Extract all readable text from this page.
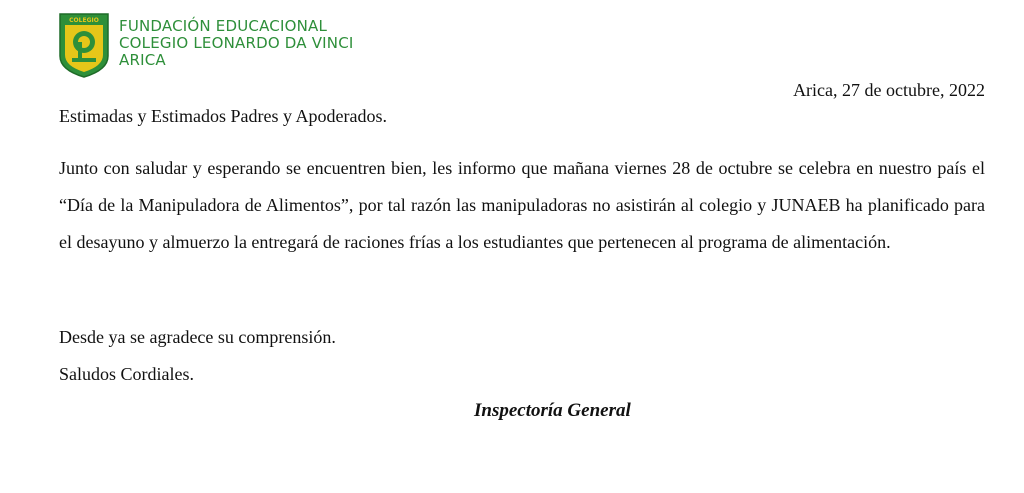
COLEGIO FUNDACIÓN EDUCACIONAL
COLEGIO LEONARDO DA VINCI
ARICA
Arica, 27 de octubre, 2022
Estimadas y Estimados Padres y Apoderados.
Junto con saludar y esperando se encuentren bien, les informo que mañana viernes 28 de octubre se celebra en nuestro país el “Día de la Manipuladora de Alimentos”, por tal razón las manipuladoras no asistirán al colegio y JUNAEB ha planificado para el desayuno y almuerzo la entregará de raciones frías a los estudiantes que pertenecen al programa de alimentación.
Desde ya se agradece su comprensión.
Saludos Cordiales.
Inspectoría General
